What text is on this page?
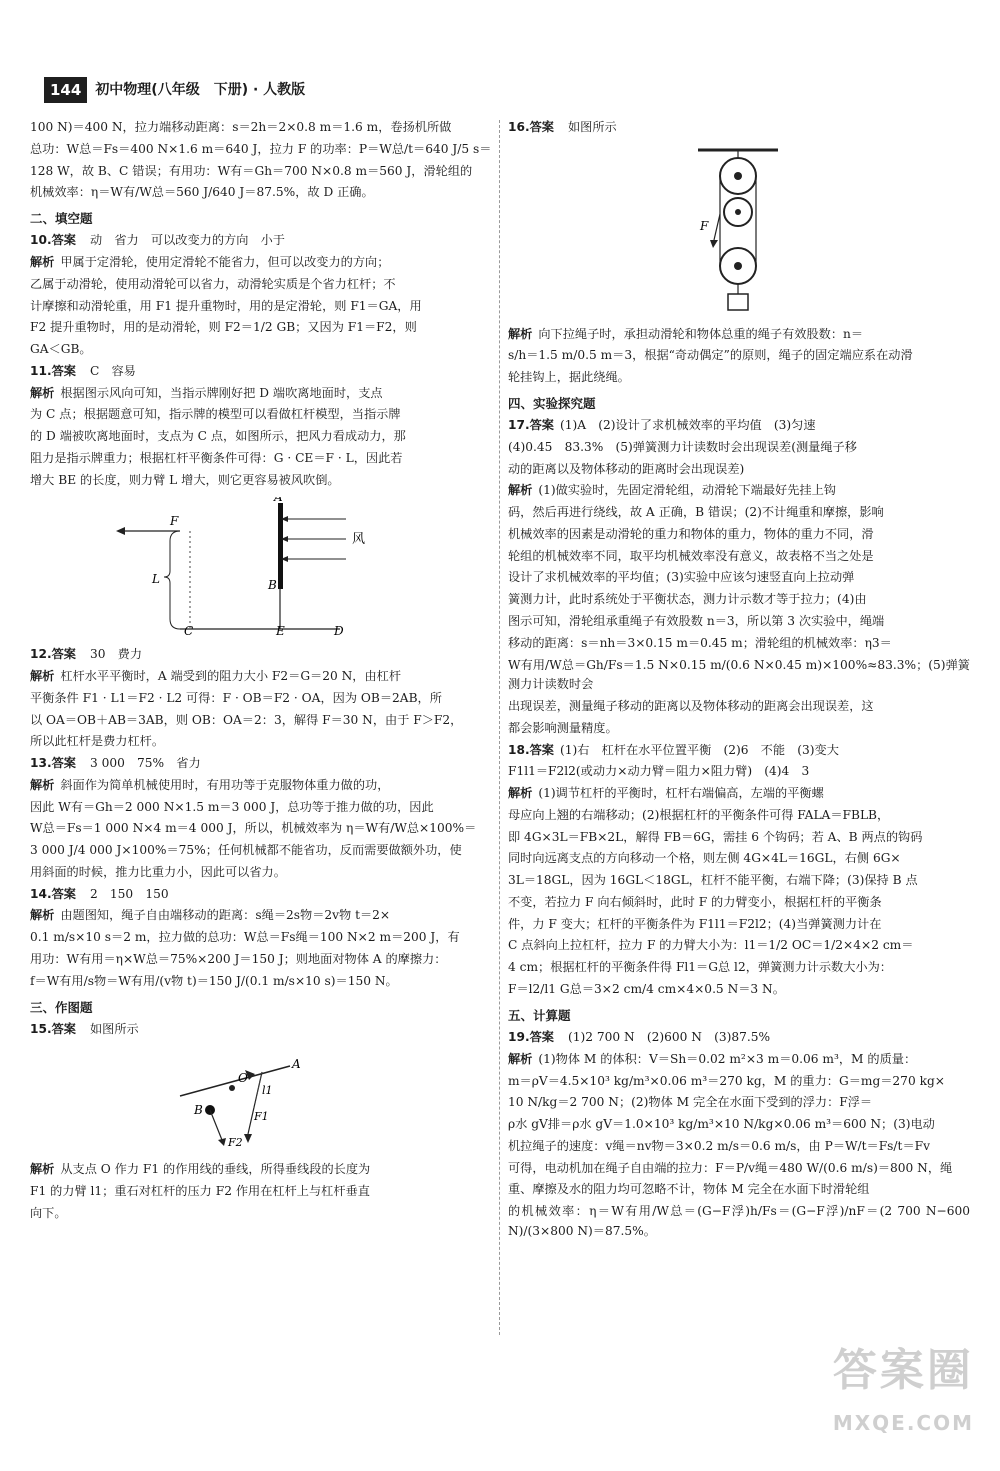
144	初中物理(八年级　下册) · 人教版

100 N)＝400 N，拉力端移动距离：s＝2h＝2×0.8 m＝1.6 m，卷扬机所做

总功：W总＝Fs＝400 N×1.6 m＝640 J，拉力 F 的功率：P＝W总/t＝640 J/5 s＝

128 W，故 B、C 错误；有用功：W有＝Gh＝700 N×0.8 m＝560 J，滑轮组的

机械效率：η＝W有/W总＝560 J/640 J＝87.5%，故 D 正确。

二、填空题

10.答案 动　省力　可以改变力的方向　小于

解析 甲属于定滑轮，使用定滑轮不能省力，但可以改变力的方向；

乙属于动滑轮，使用动滑轮可以省力，动滑轮实质是个省力杠杆；不

计摩擦和动滑轮重，用 F1 提升重物时，用的是定滑轮，则 F1＝GA，用

F2 提升重物时，用的是动滑轮，则 F2＝1/2 GB；又因为 F1＝F2，则

GA＜GB。

11.答案 C　容易

解析 根据图示风向可知，当指示牌刚好把 D 端吹离地面时，支点

为 C 点；根据题意可知，指示牌的模型可以看做杠杆模型，当指示牌

的 D 端被吹离地面时，支点为 C 点，如图所示，把风力看成动力，那

阻力是指示牌重力；根据杠杆平衡条件可得：G · CE＝F · L，因此若

增大 BE 的长度，则力臂 L 增大，则它更容易被风吹倒。

A
F
风
L	B
C	E	D

12.答案 30　费力

解析 杠杆水平平衡时，A 端受到的阻力大小 F2＝G＝20 N，由杠杆

平衡条件 F1 · L1＝F2 · L2 可得：F · OB＝F2 · OA，因为 OB＝2AB，所

以 OA＝OB＋AB＝3AB，则 OB：OA＝2：3，解得 F＝30 N，由于 F＞F2，

所以此杠杆是费力杠杆。

13.答案 3 000　75%　省力

解析 斜面作为简单机械使用时，有用功等于克服物体重力做的功，

因此 W有＝Gh＝2 000 N×1.5 m＝3 000 J，总功等于推力做的功，因此

W总＝Fs＝1 000 N×4 m＝4 000 J，所以，机械效率为 η＝W有/W总×100%＝

3 000 J/4 000 J×100%＝75%；任何机械都不能省功，反而需要做额外功，使

用斜面的时候，推力比重力小，因此可以省力。

14.答案 2　150　150

解析 由题图知，绳子自由端移动的距离：s绳＝2s物＝2v物 t＝2×

0.1 m/s×10 s＝2 m，拉力做的总功：W总＝Fs绳＝100 N×2 m＝200 J，有

用功：W有用＝η×W总＝75%×200 J＝150 J；则地面对物体 A 的摩擦力：

f＝W有用/s物＝W有用/(v物 t)＝150 J/(0.1 m/s×10 s)＝150 N。

三、作图题

15.答案 如图所示

O
B
l1
A
F1
F2

解析 从支点 O 作力 F1 的作用线的垂线，所得垂线段的长度为

F1 的力臂 l1；重石对杠杆的压力 F2 作用在杠杆上与杠杆垂直

向下。

16.答案 如图所示

F

解析 向下拉绳子时，承担动滑轮和物体总重的绳子有效股数：n＝

s/h＝1.5 m/0.5 m＝3，根据“奇动偶定”的原则，绳子的固定端应系在动滑

轮挂钩上，据此绕绳。

四、实验探究题

17.答案 (1)A　(2)设计了求机械效率的平均值　(3)匀速

(4)0.45　83.3%　(5)弹簧测力计读数时会出现误差(测量绳子移

动的距离以及物体移动的距离时会出现误差)

解析 (1)做实验时，先固定滑轮组，动滑轮下端最好先挂上钩

码，然后再进行绕线，故 A 正确，B 错误；(2)不计绳重和摩擦，影响

机械效率的因素是动滑轮的重力和物体的重力，物体的重力不同，滑

轮组的机械效率不同，取平均机械效率没有意义，故表格不当之处是

设计了求机械效率的平均值；(3)实验中应该匀速竖直向上拉动弹

簧测力计，此时系统处于平衡状态，测力计示数才等于拉力；(4)由

图示可知，滑轮组承重绳子有效股数 n＝3，所以第 3 次实验中，绳端

移动的距离：s＝nh＝3×0.15 m＝0.45 m；滑轮组的机械效率：η3＝

W有用/W总＝Gh/Fs＝1.5 N×0.15 m/(0.6 N×0.45 m)×100%≈83.3%；(5)弹簧测力计读数时会

出现误差，测量绳子移动的距离以及物体移动的距离会出现误差，这

都会影响测量精度。

18.答案 (1)右　杠杆在水平位置平衡　(2)6　不能　(3)变大

F1l1＝F2l2(或动力×动力臂＝阻力×阻力臂)　(4)4　3

解析 (1)调节杠杆的平衡时，杠杆右端偏高，左端的平衡螺

母应向上翘的右端移动；(2)根据杠杆的平衡条件可得 FALA＝FBLB，

即 4G×3L＝FB×2L，解得 FB＝6G，需挂 6 个钩码；若 A、B 两点的钩码

同时向远离支点的方向移动一个格，则左侧 4G×4L＝16GL，右侧 6G×

3L＝18GL，因为 16GL＜18GL，杠杆不能平衡，右端下降；(3)保持 B 点

不变，若拉力 F 向右倾斜时，此时 F 的力臂变小，根据杠杆的平衡条

件，力 F 变大；杠杆的平衡条件为 F1l1＝F2l2；(4)当弹簧测力计在

C 点斜向上拉杠杆，拉力 F 的力臂大小为：l1＝1/2 OC＝1/2×4×2 cm＝

4 cm；根据杠杆的平衡条件得 Fl1＝G总 l2，弹簧测力计示数大小为：

F＝l2/l1 G总＝3×2 cm/4 cm×4×0.5 N＝3 N。

五、计算题

19.答案 (1)2 700 N　(2)600 N　(3)87.5%

解析 (1)物体 M 的体积：V＝Sh＝0.02 m²×3 m＝0.06 m³，M 的质量：

m＝ρV＝4.5×10³ kg/m³×0.06 m³＝270 kg，M 的重力：G＝mg＝270 kg×

10 N/kg＝2 700 N；(2)物体 M 完全在水面下受到的浮力：F浮＝

ρ水 gV排＝ρ水 gV＝1.0×10³ kg/m³×10 N/kg×0.06 m³＝600 N；(3)电动

机拉绳子的速度：v绳＝nv物＝3×0.2 m/s＝0.6 m/s，由 P＝W/t＝Fs/t＝Fv

可得，电动机加在绳子自由端的拉力：F＝P/v绳＝480 W/(0.6 m/s)＝800 N，绳

重、摩擦及水的阻力均可忽略不计，物体 M 完全在水面下时滑轮组

的机械效率：η＝W有用/W总＝(G−F浮)h/Fs＝(G−F浮)/nF＝(2 700 N−600 N)/(3×800 N)＝87.5%。

答案圈
MXQE.COM
